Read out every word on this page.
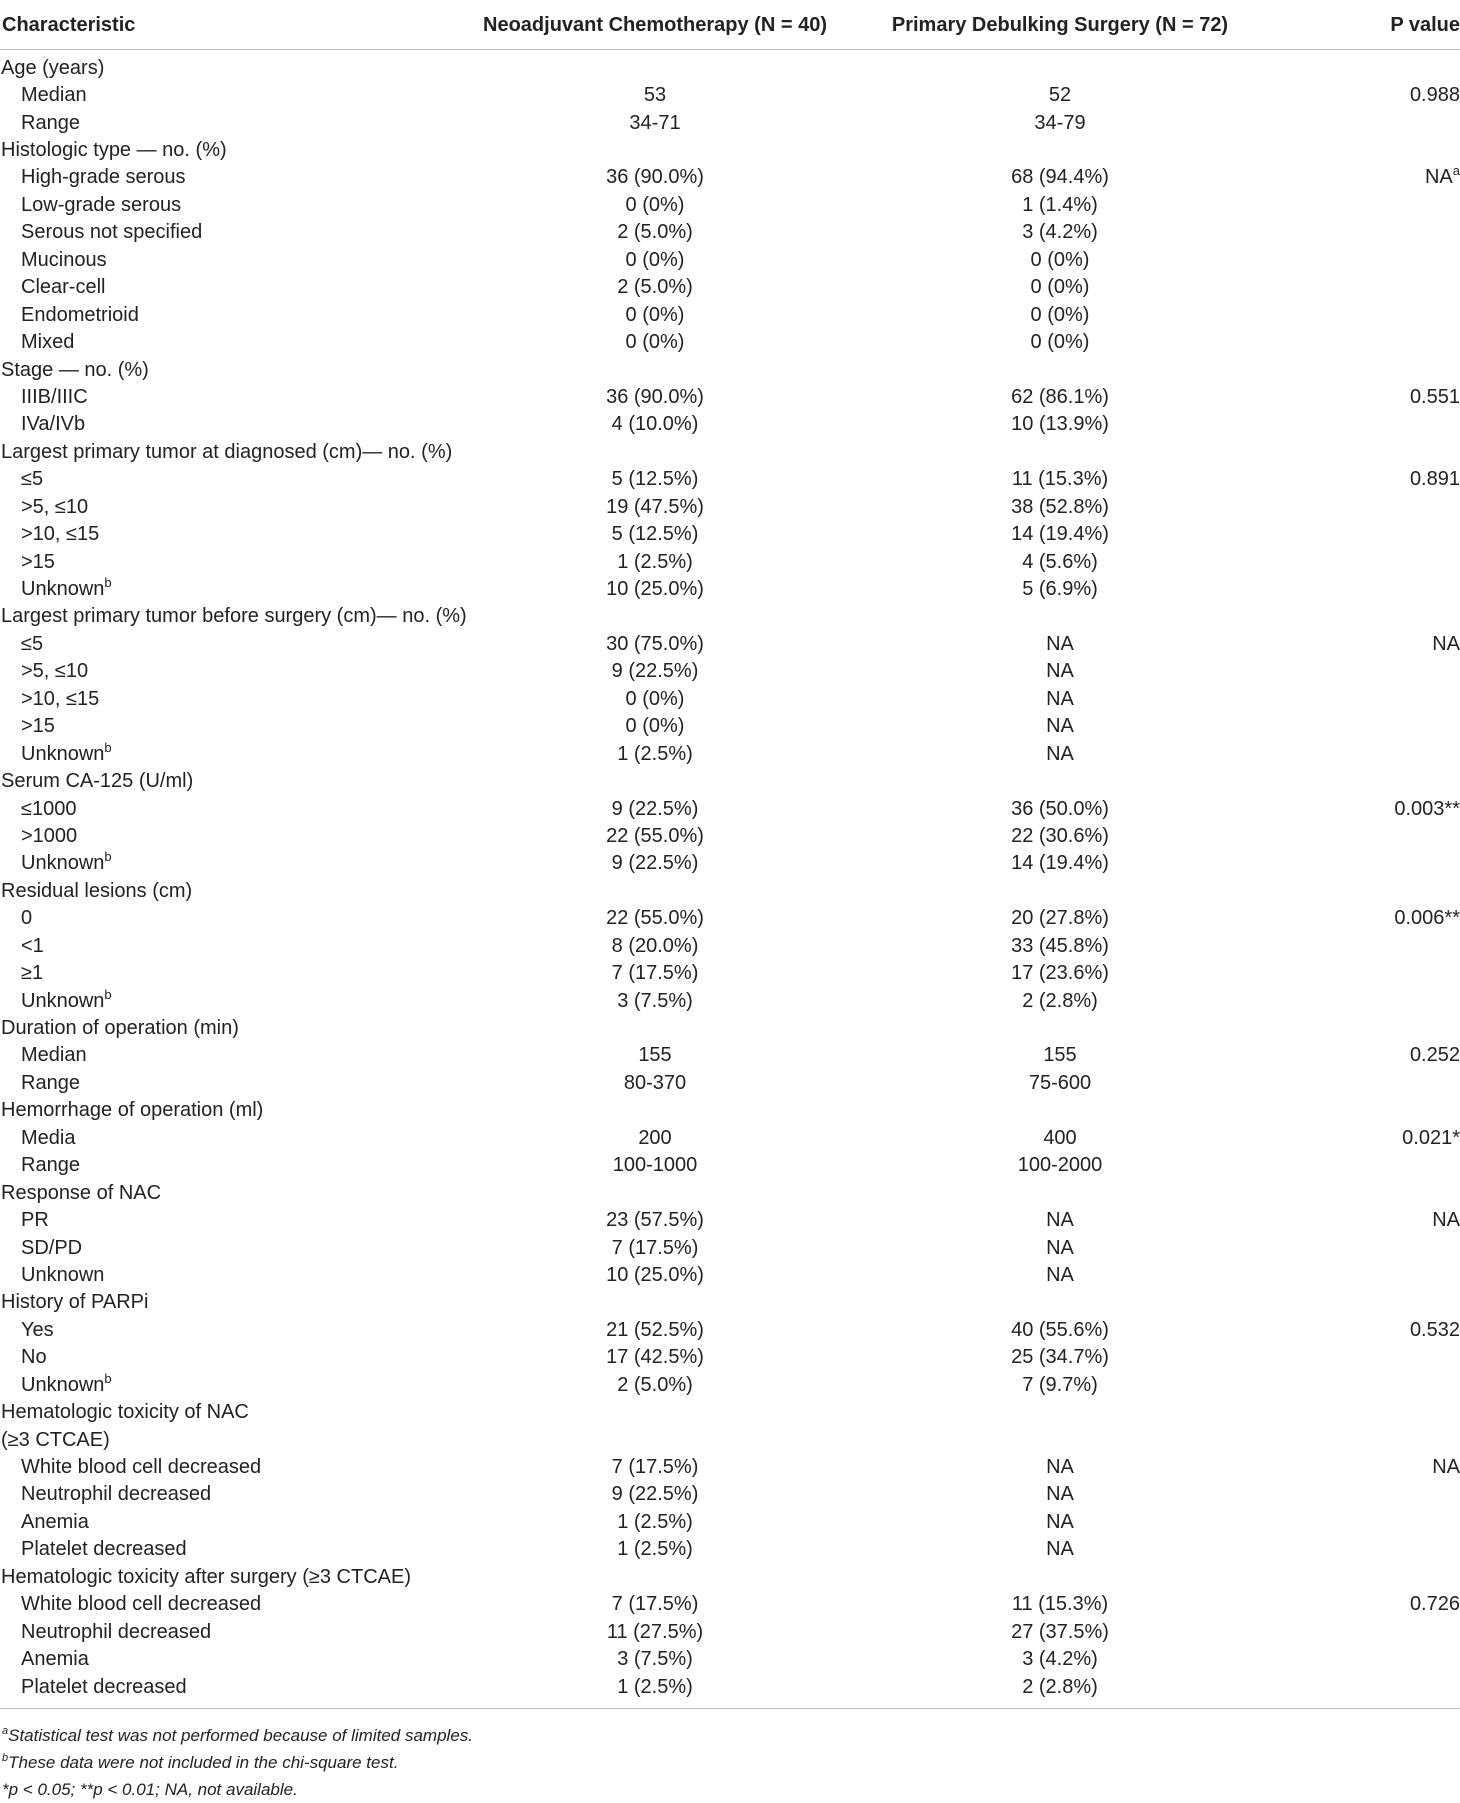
Characteristic	Neoadjuvant Chemotherapy (N = 40)	Primary Debulking Surgery (N = 72)	P value

Age (years)			
Median	53	52	0.988
Range	34-71	34-79	
Histologic type — no. (%)			
High-grade serous	36 (90.0%)	68 (94.4%)	$NA^a$
Low-grade serous	0 (0%)	1 (1.4%)	
Serous not specified	2 (5.0%)	3 (4.2%)	
Mucinous	0 (0%)	0 (0%)	
Clear-cell	2 (5.0%)	0 (0%)	
Endometrioid	0 (0%)	0 (0%)	
Mixed	0 (0%)	0 (0%)	
Stage — no. (%)			
IIIB/IIIC	36 (90.0%)	62 (86.1%)	0.551
IVa/IVb	4 (10.0%)	10 (13.9%)	
Largest primary tumor at diagnosed (cm)— no. (%)			
≤5	5 (12.5%)	11 (15.3%)	0.891
>5, ≤10	19 (47.5%)	38 (52.8%)	
>10, ≤15	5 (12.5%)	14 (19.4%)	
>15	1 (2.5%)	4 (5.6%)	
Unknown$^b$	10 (25.0%)	5 (6.9%)	
Largest primary tumor before surgery (cm)— no. (%)			
≤5	30 (75.0%)	NA	NA
>5, ≤10	9 (22.5%)	NA	
>10, ≤15	0 (0%)	NA	
>15	0 (0%)	NA	
Unknown$^b$	1 (2.5%)	NA	
Serum CA-125 (U/ml)			
≤1000	9 (22.5%)	36 (50.0%)	0.003**
>1000	22 (55.0%)	22 (30.6%)	
Unknown$^b$	9 (22.5%)	14 (19.4%)	
Residual lesions (cm)			
0	22 (55.0%)	20 (27.8%)	0.006**
<1	8 (20.0%)	33 (45.8%)	
≥1	7 (17.5%)	17 (23.6%)	
Unknown$^b$	3 (7.5%)	2 (2.8%)	
Duration of operation (min)			
Median	155	155	0.252
Range	80-370	75-600	
Hemorrhage of operation (ml)			
Media	200	400	0.021*
Range	100-1000	100-2000	
Response of NAC			
PR	23 (57.5%)	NA	NA
SD/PD	7 (17.5%)	NA	
Unknown	10 (25.0%)	NA	
History of PARPi			
Yes	21 (52.5%)	40 (55.6%)	0.532
No	17 (42.5%)	25 (34.7%)	
Unknown$^b$	2 (5.0%)	7 (9.7%)	
Hematologic toxicity of NAC			
(≥3 CTCAE)			
White blood cell decreased	7 (17.5%)	NA	NA
Neutrophil decreased	9 (22.5%)	NA	
Anemia	1 (2.5%)	NA	
Platelet decreased	1 (2.5%)	NA	
Hematologic toxicity after surgery (≥3 CTCAE)			
White blood cell decreased	7 (17.5%)	11 (15.3%)	0.726
Neutrophil decreased	11 (27.5%)	27 (37.5%)	
Anemia	3 (7.5%)	3 (4.2%)	
Platelet decreased	1 (2.5%)	2 (2.8%)	
$^a$Statistical test was not performed because of limited samples.
$^b$These data were not included in the chi-square test.
*p < 0.05; **p < 0.01; NA, not available.
